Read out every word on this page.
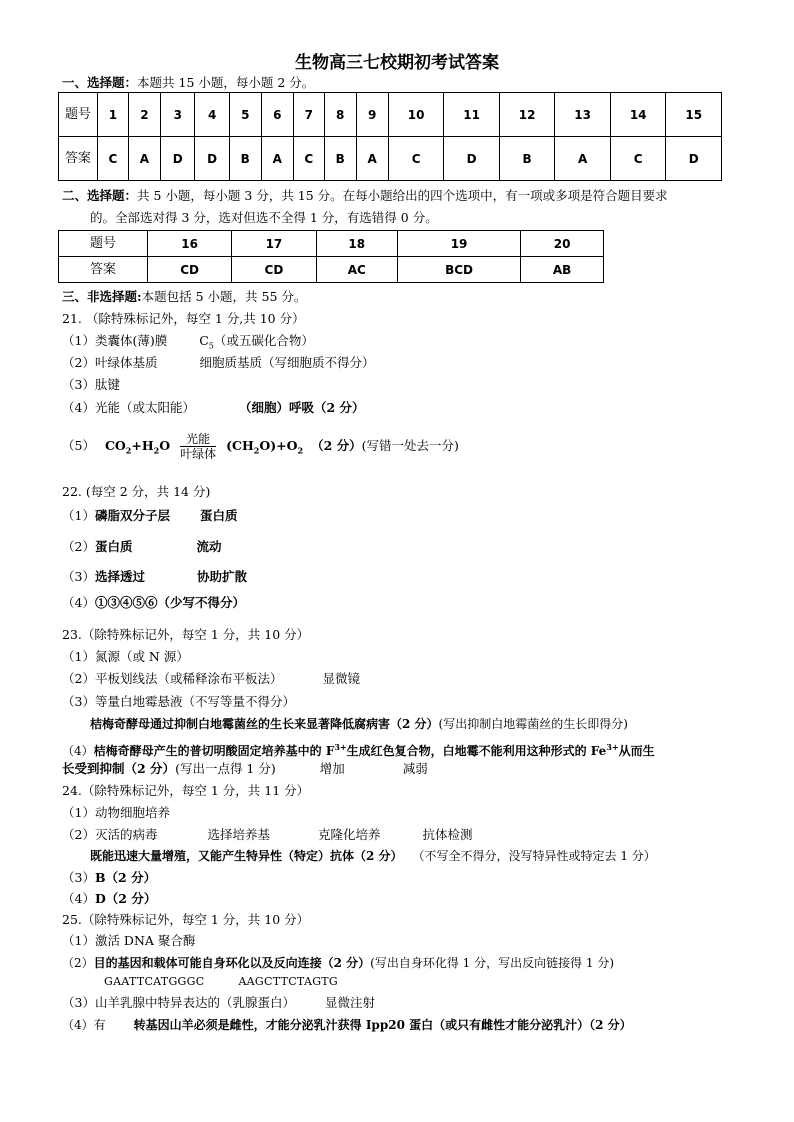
生物高三七校期初考试答案
一、选择题：本题共 15 小题，每小题 2 分。
题号	1	2	3	4	5	6	7	8	9	10	11	12	13	14	15
答案	C	A	D	D	B	A	C	B	A	C	D	B	A	C	D
二、选择题：共 5 小题，每小题 3 分，共 15 分。在每小题给出的四个选项中，有一项或多项是符合题目要求
的。全部选对得 3 分，选对但选不全得 1 分，有选错得 0 分。
题号	16	17	18	19	20
答案	CD	CD	AC	BCD	AB
三、非选择题:本题包括 5 小题，共 55 分。
21. （除特殊标记外，每空 1 分,共 10 分）
（1）类囊体(薄)膜	$C_5$（或五碳化合物）
（2）叶绿体基质	细胞质基质（写细胞质不得分）
（3）肽键
（4）光能（或太阳能）	（细胞）呼吸（2 分）
（5） $CO_2+H_2O \frac{\text{光能}}{\text{叶绿体}} (CH_2O)+O_2$ （2 分）(写错一处去一分)
22. (每空 2 分，共 14 分)
（1）磷脂双分子层 蛋白质
（2）蛋白质	流动
（3）选择透过	协助扩散
（4）①③④⑤⑥（少写不得分）
23.（除特殊标记外，每空 1 分，共 10 分）
（1）氮源（或 N 源）
（2）平板划线法（或稀释涂布平板法）	显微镜
（3）等量白地霉悬液（不写等量不得分）
桔梅奇酵母通过抑制白地霉菌丝的生长来显著降低腐病害（2 分）(写出抑制白地霉菌丝的生长即得分)
（4）桔梅奇酵母产生的普切明酸固定培养基中的 $F^{3+}$生成红色复合物，白地霉不能利用这种形式的 $Fe^{3+}$从而生
长受到抑制（2 分）(写出一点得 1 分)	增加	减弱
24.（除特殊标记外，每空 1 分，共 11 分）
（1）动物细胞培养
（2）灭活的病毒	选择培养基	克隆化培养	抗体检测
既能迅速大量增殖，又能产生特异性（特定）抗体（2 分） （不写全不得分，没写特异性或特定去 1 分）
（3）B（2 分）
（4）D（2 分）
25.（除特殊标记外，每空 1 分，共 10 分）
（1）激活 DNA 聚合酶
（2）目的基因和载体可能自身环化以及反向连接（2 分）(写出自身环化得 1 分，写出反向链接得 1 分)
GAATTCATGGGC	AAGCTTCTAGTG
（3）山羊乳腺中特异表达的（乳腺蛋白） 显微注射
（4）有 转基因山羊必须是雌性，才能分泌乳汁获得 Ipp20 蛋白（或只有雌性才能分泌乳汁）（2 分）
